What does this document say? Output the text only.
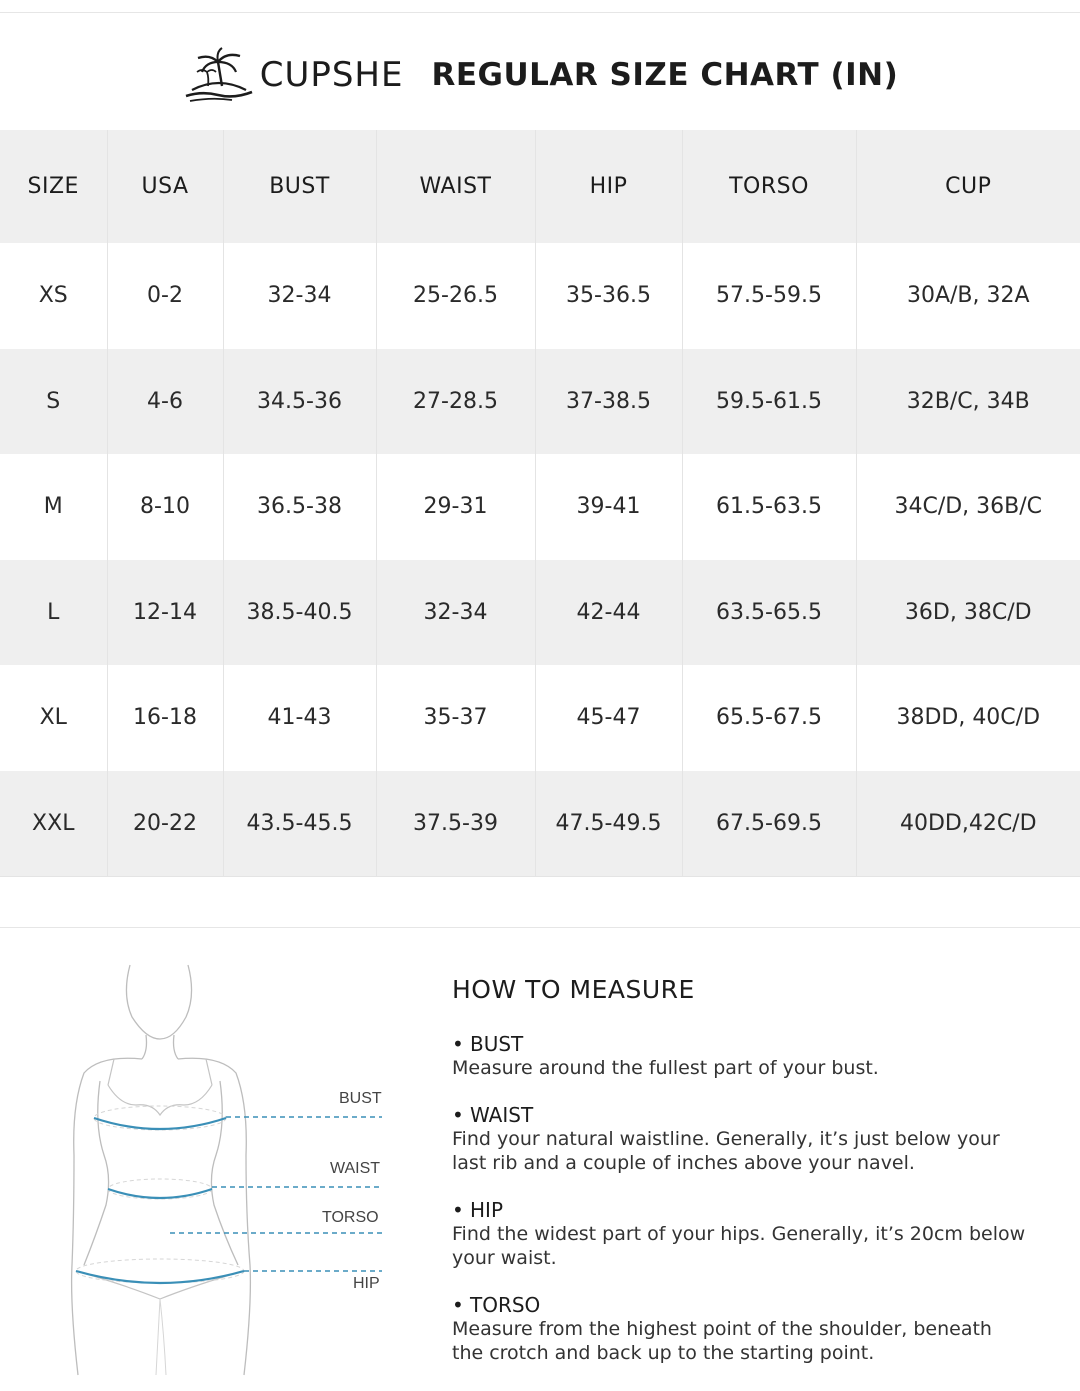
CUPSHE REGULAR SIZE CHART (IN)
SIZE	USA	BUST	WAIST	HIP	TORSO	CUP
XS	0-2	32-34	25-26.5	35-36.5	57.5-59.5	30A/B, 32A
S	4-6	34.5-36	27-28.5	37-38.5	59.5-61.5	32B/C, 34B
M	8-10	36.5-38	29-31	39-41	61.5-63.5	34C/D, 36B/C
L	12-14	38.5-40.5	32-34	42-44	63.5-65.5	36D, 38C/D
XL	16-18	41-43	35-37	45-47	65.5-67.5	38DD, 40C/D
XXL	20-22	43.5-45.5	37.5-39	47.5-49.5	67.5-69.5	40DD,42C/D
BUST
WAIST
TORSO
HIP
HOW TO MEASURE
• BUST
Measure around the fullest part of your bust.
• WAIST
Find your natural waistline. Generally, it’s just below your
last rib and a couple of inches above your navel.
• HIP
Find the widest part of your hips. Generally, it’s 20cm below
your waist.
• TORSO
Measure from the highest point of the shoulder, beneath
the crotch and back up to the starting point.
